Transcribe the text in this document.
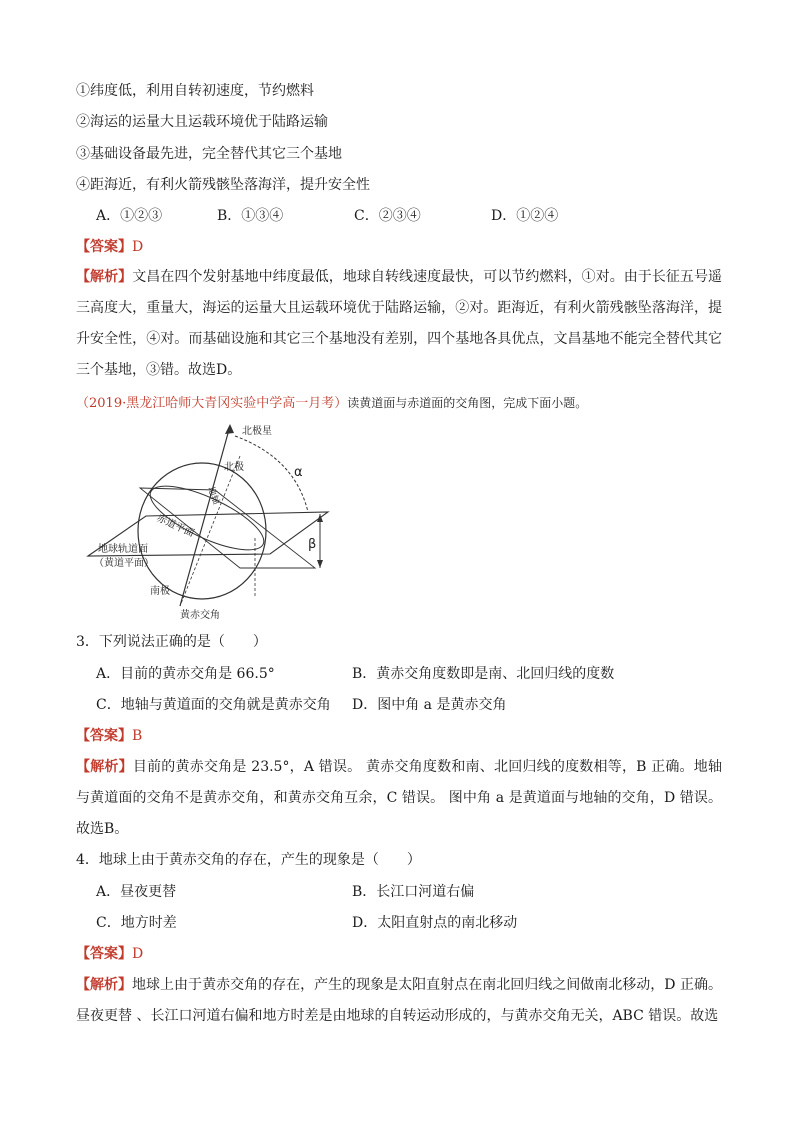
①纬度低，利用自转初速度，节约燃料
②海运的运量大且运载环境优于陆路运输
③基础设备最先进，完全替代其它三个基地
④距海近，有利火箭残骸坠落海洋，提升安全性
A．①②③	B．①③④	C．②③④	D．①②④
【答案】D
【解析】文昌在四个发射基地中纬度最低，地球自转线速度最快，可以节约燃料，①对。由于长征五号遥三高度大，重量大，海运的运量大且运载环境优于陆路运输，②对。距海近，有利火箭残骸坠落海洋，提升安全性，④对。而基础设施和其它三个基地没有差别，四个基地各具优点，文昌基地不能完全替代其它三个基地，③错。故选D。
（2019·黑龙江哈师大青冈实验中学高一月考）读黄道面与赤道面的交角图，完成下面小题。
北极星
北极
地轴
赤道平面
地球轨道面
（黄道平面）
南极
黄赤交角
α
β
3．下列说法正确的是（　　）
A．目前的黄赤交角是 66.5°	B．黄赤交角度数即是南、北回归线的度数
C．地轴与黄道面的交角就是黄赤交角 D．图中角 a 是黄赤交角
【答案】B
【解析】目前的黄赤交角是 23.5°，A 错误。 黄赤交角度数和南、北回归线的度数相等，B 正确。地轴与黄道面的交角不是黄赤交角，和黄赤交角互余，C 错误。 图中角 a 是黄道面与地轴的交角，D 错误。故选B。
4．地球上由于黄赤交角的存在，产生的现象是（　　）
A．昼夜更替	B．长江口河道右偏
C．地方时差	D．太阳直射点的南北移动
【答案】D
【解析】地球上由于黄赤交角的存在，产生的现象是太阳直射点在南北回归线之间做南北移动，D 正确。昼夜更替 、长江口河道右偏和地方时差是由地球的自转运动形成的，与黄赤交角无关，ABC 错误。故选
